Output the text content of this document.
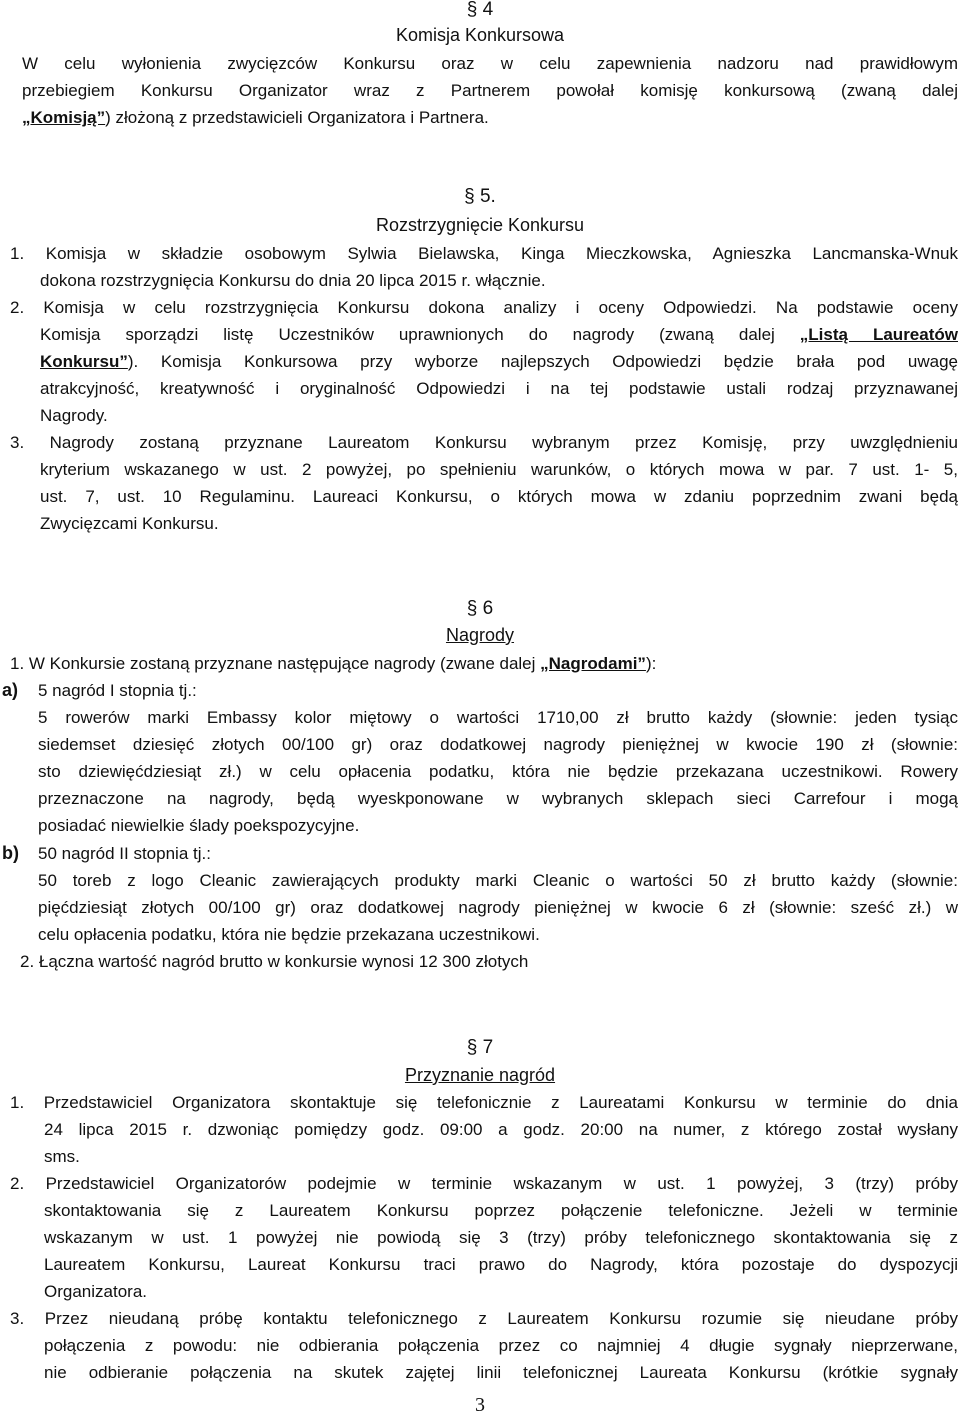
§ 4
Komisja Konkursowa
W celu wyłonienia zwycięzców Konkursu oraz w celu zapewnienia nadzoru nad prawidłowym
przebiegiem Konkursu Organizator wraz z Partnerem powołał komisję konkursową (zwaną dalej
„Komisją”) złożoną z przedstawicieli Organizatora i Partnera.
§ 5.
Rozstrzygnięcie Konkursu
1. Komisja w składzie osobowym Sylwia Bielawska, Kinga Mieczkowska, Agnieszka Lancmanska-Wnuk
dokona rozstrzygnięcia Konkursu do dnia 20 lipca 2015 r. włącznie.
2. Komisja w celu rozstrzygnięcia Konkursu dokona analizy i oceny Odpowiedzi. Na podstawie oceny
Komisja sporządzi listę Uczestników uprawnionych do nagrody (zwaną dalej „Listą Laureatów
Konkursu”). Komisja Konkursowa przy wyborze najlepszych Odpowiedzi będzie brała pod uwagę
atrakcyjność, kreatywność i oryginalność Odpowiedzi i na tej podstawie ustali rodzaj przyznawanej
Nagrody.
3. Nagrody zostaną przyznane Laureatom Konkursu wybranym przez Komisję, przy uwzględnieniu
kryterium wskazanego w ust. 2 powyżej, po spełnieniu warunków, o których mowa w par. 7 ust. 1- 5,
ust. 7, ust. 10 Regulaminu. Laureaci Konkursu, o których mowa w zdaniu poprzednim zwani będą
Zwycięzcami Konkursu.
§ 6
Nagrody
1. W Konkursie zostaną przyznane następujące nagrody (zwane dalej „Nagrodami”):
a)	5 nagród I stopnia tj.:
5 rowerów marki Embassy kolor miętowy o wartości 1710,00 zł brutto każdy (słownie: jeden tysiąc
siedemset dziesięć złotych 00/100 gr) oraz dodatkowej nagrody pieniężnej w kwocie 190 zł (słownie:
sto dziewięćdziesiąt zł.) w celu opłacenia podatku, która nie będzie przekazana uczestnikowi. Rowery
przeznaczone na nagrody, będą wyeskponowane w wybranych sklepach sieci Carrefour i mogą
posiadać niewielkie ślady poekspozycyjne.
b)	50 nagród II stopnia tj.:
50 toreb z logo Cleanic zawierających produkty marki Cleanic o wartości 50 zł brutto każdy (słownie:
pięćdziesiąt złotych 00/100 gr) oraz dodatkowej nagrody pieniężnej w kwocie 6 zł (słownie: sześć zł.) w
celu opłacenia podatku, która nie będzie przekazana uczestnikowi.
2. Łączna wartość nagród brutto w konkursie wynosi 12 300 złotych
§ 7
Przyznanie nagród
1. Przedstawiciel Organizatora skontaktuje się telefonicznie z Laureatami Konkursu w terminie do dnia
24 lipca 2015 r. dzwoniąc pomiędzy godz. 09:00 a godz. 20:00 na numer, z którego został wysłany
sms.
2. Przedstawiciel Organizatorów podejmie w terminie wskazanym w ust. 1 powyżej, 3 (trzy) próby
skontaktowania się z Laureatem Konkursu poprzez połączenie telefoniczne. Jeżeli w terminie
wskazanym w ust. 1 powyżej nie powiodą się 3 (trzy) próby telefonicznego skontaktowania się z
Laureatem Konkursu, Laureat Konkursu traci prawo do Nagrody, która pozostaje do dyspozycji
Organizatora.
3. Przez nieudaną próbę kontaktu telefonicznego z Laureatem Konkursu rozumie się nieudane próby
połączenia z powodu: nie odbierania połączenia przez co najmniej 4 długie sygnały nieprzerwane,
nie odbieranie połączenia na skutek zajętej linii telefonicznej Laureata Konkursu (krótkie sygnały
3
